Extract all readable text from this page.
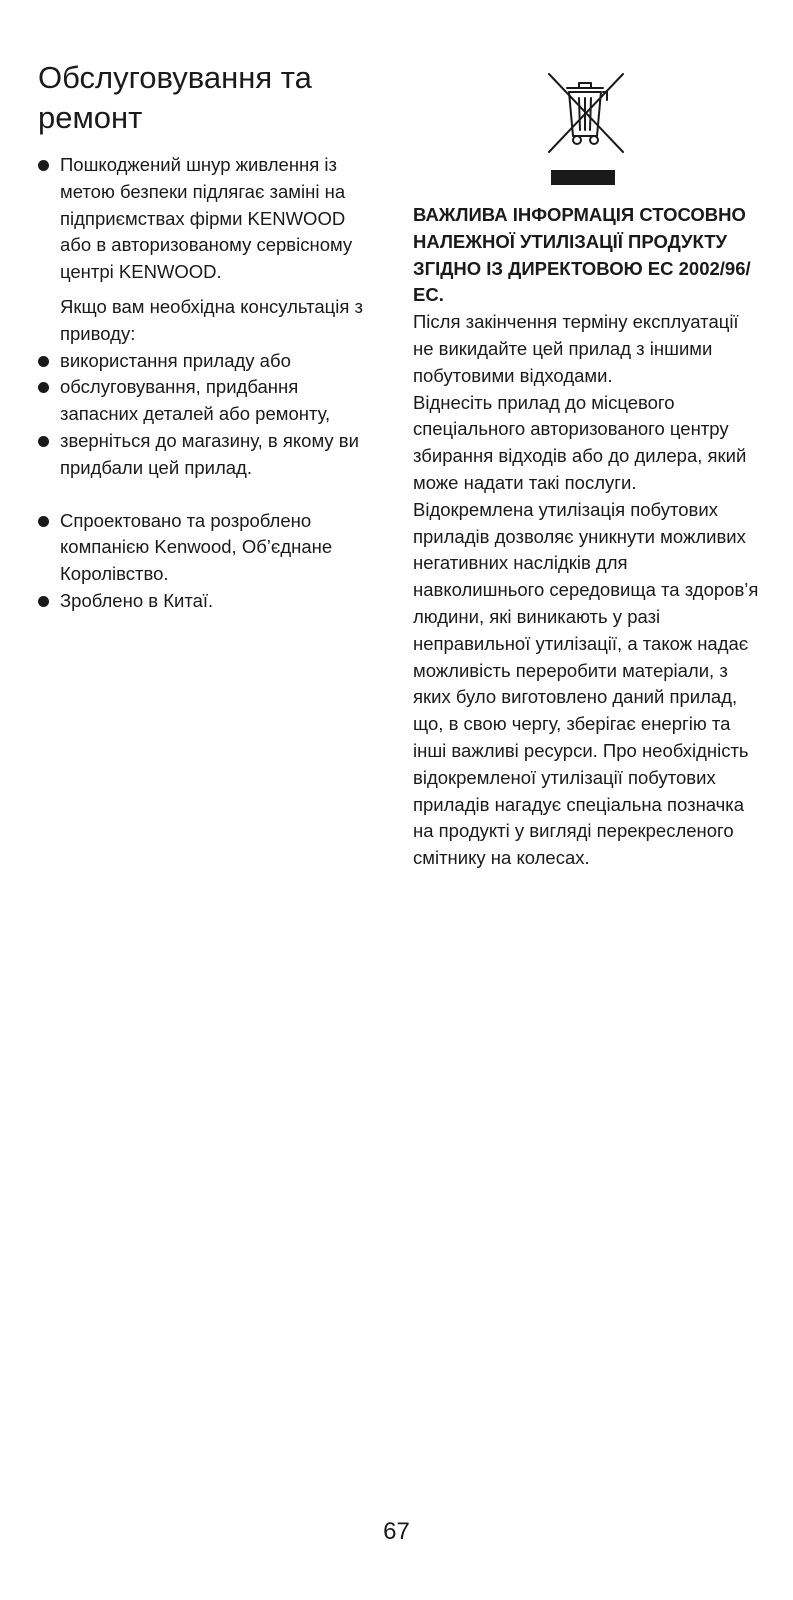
Обслуговування та ремонт
Пошкоджений шнур живлення із метою безпеки підлягає заміні на підприємствах фірми KENWOOD або в авторизованому сервісному центрі KENWOOD.

Якщо вам необхідна консультація з приводу:

використання приладу або
обслуговування, придбання запасних деталей або ремонту,
зверніться до магазину, в якому ви придбали цей прилад.
Спроектовано та розроблено компанією Kenwood, Об’єднане Королівство.
Зроблено в Китаї.

ВАЖЛИВА ІНФОРМАЦІЯ СТОСОВНО НАЛЕЖНОЇ УТИЛІЗАЦІЇ ПРОДУКТУ ЗГІДНО ІЗ ДИРЕКТОВОЮ ЕС 2002/96/ЕС.

Після закінчення терміну експлуатації не викидайте цей прилад з іншими побутовими відходами.

Віднесіть прилад до місцевого спеціального авторизованого центру збирання відходів або до дилера, який може надати такі послуги.

Відокремлена утилізація побутових приладів дозволяє уникнути можливих негативних наслідків для навколишнього середовища та здоров’я людини, які виникають у разі неправильної утилізації, а також надає можливість переробити матеріали, з яких було виготовлено даний прилад, що, в свою чергу, зберігає енергію та інші важливі ресурси. Про необхідність відокремленої утилізації побутових приладів нагадує спеціальна позначка на продукті у вигляді перекресленого смітнику на колесах.

67
